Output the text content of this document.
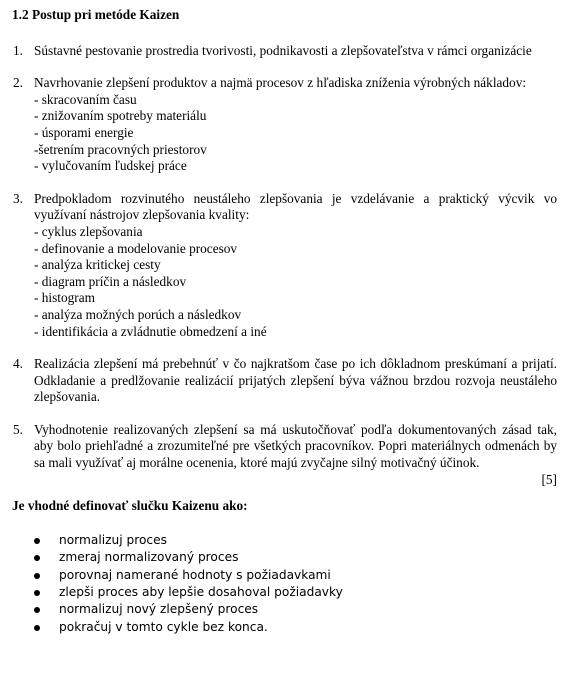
1.2 Postup pri metóde Kaizen

1. Sústavné pestovanie prostredia tvorivosti, podnikavosti a zlepšovateľstva v rámci organizácie
2. Navrhovanie zlepšení produktov a najmä procesov z hľadiska zníženia výrobných nákladov:
- skracovaním času
- znižovaním spotreby materiálu
- úsporami energie
-šetrením pracovných priestorov
- vylučovaním ľudskej práce
3. Predpokladom rozvinutého neustáleho zlepšovania je vzdelávanie a praktický výcvik vo využívaní nástrojov zlepšovania kvality:
- cyklus zlepšovania
- definovanie a modelovanie procesov
- analýza kritickej cesty
- diagram príčin a následkov
- histogram
- analýza možných porúch a následkov
- identifikácia a zvládnutie obmedzení a iné
4. Realizácia zlepšení má prebehnúť v čo najkratšom čase po ich dôkladnom preskúmaní a prijatí. Odkladanie a predlžovanie realizácií prijatých zlepšení býva vážnou brzdou rozvoja neustáleho zlepšovania.
5. Vyhodnotenie realizovaných zlepšení sa má uskutočňovať podľa dokumentovaných zásad tak, aby bolo priehľadné a zrozumiteľné pre všetkých pracovníkov. Popri materiálnych odmenách by sa mali využívať aj morálne ocenenia, ktoré majú zvyčajne silný motivačný účinok.
[5]

Je vhodné definovať slučku Kaizenu ako:

normalizuj proces
zmeraj normalizovaný proces
porovnaj namerané hodnoty s požiadavkami
zlepši proces aby lepšie dosahoval požiadavky
normalizuj nový zlepšený proces
pokračuj v tomto cykle bez konca.
